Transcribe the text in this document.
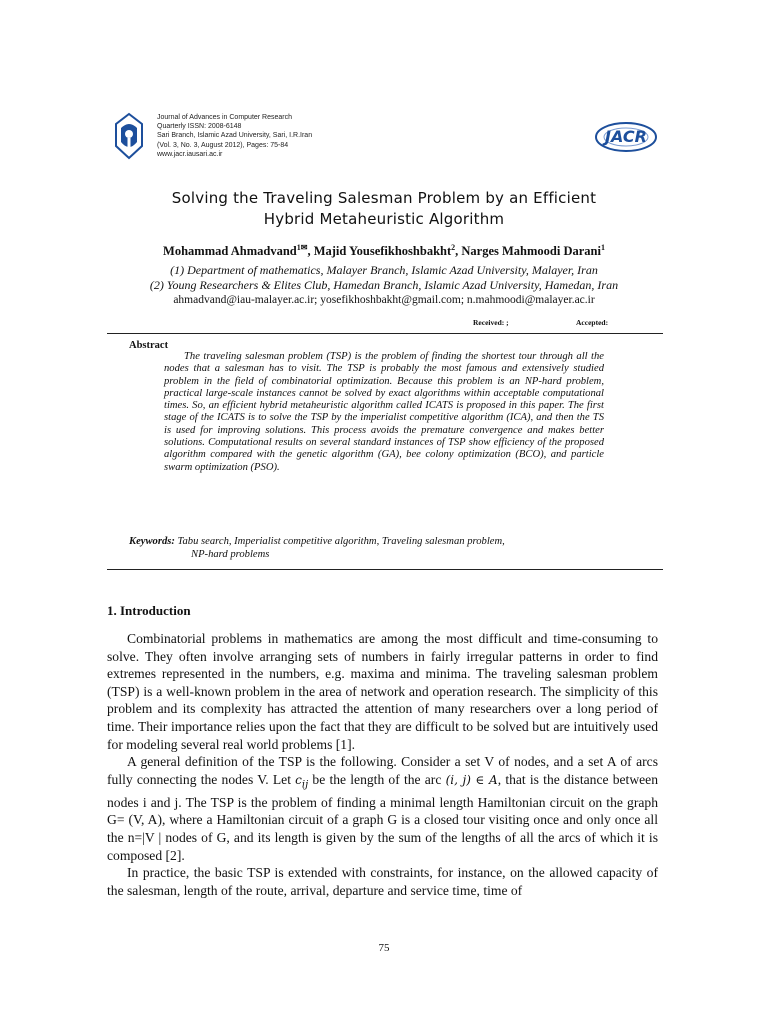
Journal of Advances in Computer Research
Quarterly ISSN: 2008-6148
Sari Branch, Islamic Azad University, Sari, I.R.Iran
(Vol. 3, No. 3, August 2012), Pages: 75-84
www.jacr.iausari.ac.ir
JACR
Solving the Traveling Salesman Problem by an Efficient
Hybrid Metaheuristic Algorithm
Mohammad Ahmadvand$^{1✉}$, Majid Yousefikhoshbakht$^2$, Narges Mahmoodi Darani$^1$
(1) Department of mathematics, Malayer Branch, Islamic Azad University, Malayer, Iran
(2) Young Researchers & Elites Club, Hamedan Branch, Islamic Azad University, Hamedan, Iran
ahmadvand@iau-malayer.ac.ir; yosefikhoshbakht@gmail.com; n.mahmoodi@malayer.ac.ir
Received: ;	Accepted:
Abstract

The traveling salesman problem (TSP) is the problem of finding the shortest tour through all the nodes that a salesman has to visit. The TSP is probably the most famous and extensively studied problem in the field of combinatorial optimization. Because this problem is an NP-hard problem, practical large-scale instances cannot be solved by exact algorithms within acceptable computational times. So, an efficient hybrid metaheuristic algorithm called ICATS is proposed in this paper. The first stage of the ICATS is to solve the TSP by the imperialist competitive algorithm (ICA), and then the TS is used for improving solutions. This process avoids the premature convergence and makes better solutions. Computational results on several standard instances of TSP show efficiency of the proposed algorithm compared with the genetic algorithm (GA), bee colony optimization (BCO), and particle swarm optimization (PSO).

Keywords: Tabu search, Imperialist competitive algorithm, Traveling salesman problem,
NP-hard problems
1. Introduction

Combinatorial problems in mathematics are among the most difficult and time-consuming to solve. They often involve arranging sets of numbers in fairly irregular patterns in order to find extremes represented in the numbers, e.g. maxima and minima. The traveling salesman problem (TSP) is a well-known problem in the area of network and operation research. The simplicity of this problem and its complexity has attracted the attention of many researchers over a long period of time. Their importance relies upon the fact that they are difficult to be solved but are intuitively used for modeling several real world problems [1].

A general definition of the TSP is the following. Consider a set V of nodes, and a set A of arcs fully connecting the nodes V. Let $c_{ij}$ be the length of the arc (i, j) ∈ A, that is the distance between nodes i and j. The TSP is the problem of finding a minimal length Hamiltonian circuit on the graph G= (V, A), where a Hamiltonian circuit of a graph G is a closed tour visiting once and only once all the n=|V | nodes of G, and its length is given by the sum of the lengths of all the arcs of which it is composed [2].

In practice, the basic TSP is extended with constraints, for instance, on the allowed capacity of the salesman, length of the route, arrival, departure and service time, time of

75
